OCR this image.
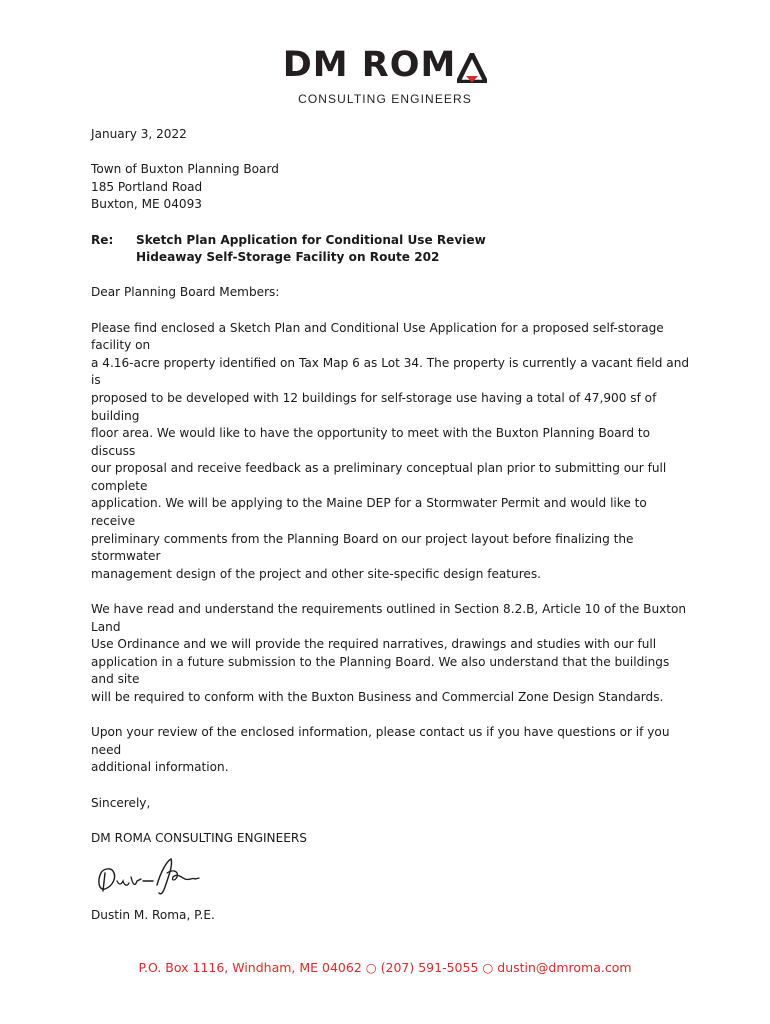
DM ROM
CONSULTING ENGINEERS

January 3, 2022

Town of Buxton Planning Board

185 Portland Road

Buxton, ME 04093

Re:	Sketch Plan Application for Conditional Use Review

Hideaway Self-Storage Facility on Route 202

Dear Planning Board Members:

Please find enclosed a Sketch Plan and Conditional Use Application for a proposed self-storage facility on

a 4.16-acre property identified on Tax Map 6 as Lot 34. The property is currently a vacant field and is

proposed to be developed with 12 buildings for self-storage use having a total of 47,900 sf of building

floor area. We would like to have the opportunity to meet with the Buxton Planning Board to discuss

our proposal and receive feedback as a preliminary conceptual plan prior to submitting our full complete

application. We will be applying to the Maine DEP for a Stormwater Permit and would like to receive

preliminary comments from the Planning Board on our project layout before finalizing the stormwater

management design of the project and other site-specific design features.

We have read and understand the requirements outlined in Section 8.2.B, Article 10 of the Buxton Land

Use Ordinance and we will provide the required narratives, drawings and studies with our full

application in a future submission to the Planning Board. We also understand that the buildings and site

will be required to conform with the Buxton Business and Commercial Zone Design Standards.

Upon your review of the enclosed information, please contact us if you have questions or if you need

additional information.

Sincerely,

DM ROMA CONSULTING ENGINEERS

Dustin M. Roma, P.E.

P.O. Box 1116, Windham, ME 04062 ○ (207) 591-5055 ○ dustin@dmroma.com
